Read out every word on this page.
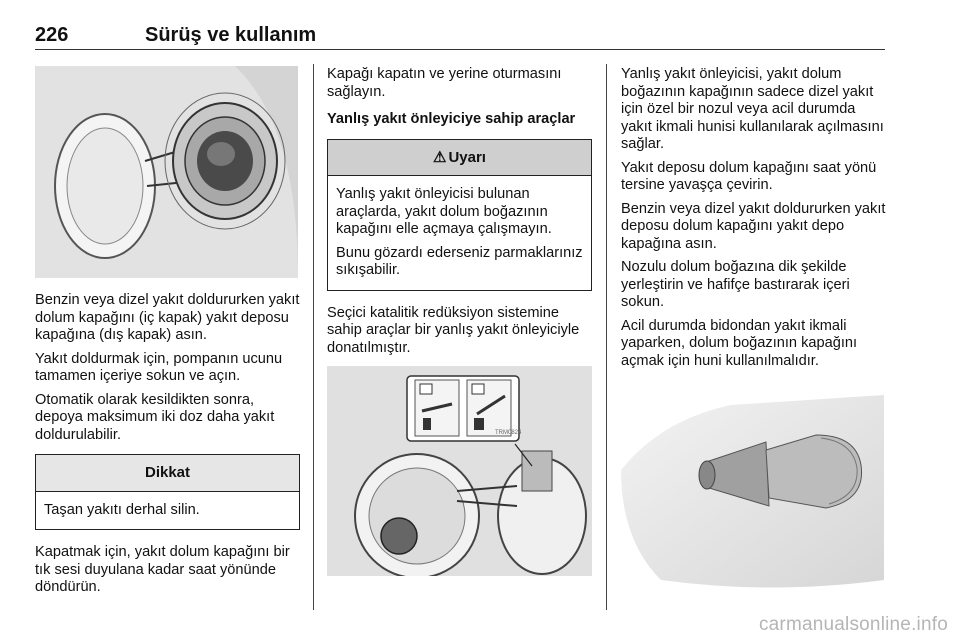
226	Sürüş ve kullanım

Benzin veya dizel yakıt doldururken yakıt dolum kapağını (iç kapak) yakıt deposu kapağına (dış kapak) asın.

Yakıt doldurmak için, pompanın ucunu tamamen içeriye sokun ve açın.

Otomatik olarak kesildikten sonra, depoya maksimum iki doz daha yakıt doldurulabilir.

Dikkat

Taşan yakıtı derhal silin.

Kapatmak için, yakıt dolum kapağını bir tık sesi duyulana kadar saat yönünde döndürün.

Kapağı kapatın ve yerine oturmasını sağlayın.

Yanlış yakıt önleyiciye sahip araçlar

⚠ Uyarı

Yanlış yakıt önleyicisi bulunan araçlarda, yakıt dolum boğazının kapağını elle açmaya çalışmayın.

Bunu gözardı ederseniz parmaklarınız sıkışabilir.

Seçici katalitik redüksiyon sistemine sahip araçlar bir yanlış yakıt önleyiciyle donatılmıştır.

TRM0824

Yanlış yakıt önleyicisi, yakıt dolum boğazının kapağının sadece dizel yakıt için özel bir nozul veya acil durumda yakıt ikmali hunisi kullanılarak açılmasını sağlar.

Yakıt deposu dolum kapağını saat yönü tersine yavaşça çevirin.

Benzin veya dizel yakıt doldururken yakıt deposu dolum kapağını yakıt depo kapağına asın.

Nozulu dolum boğazına dik şekilde yerleştirin ve hafifçe bastırarak içeri sokun.

Acil durumda bidondan yakıt ikmali yaparken, dolum boğazının kapağını açmak için huni kullanılmalıdır.

carmanualsonline.info
